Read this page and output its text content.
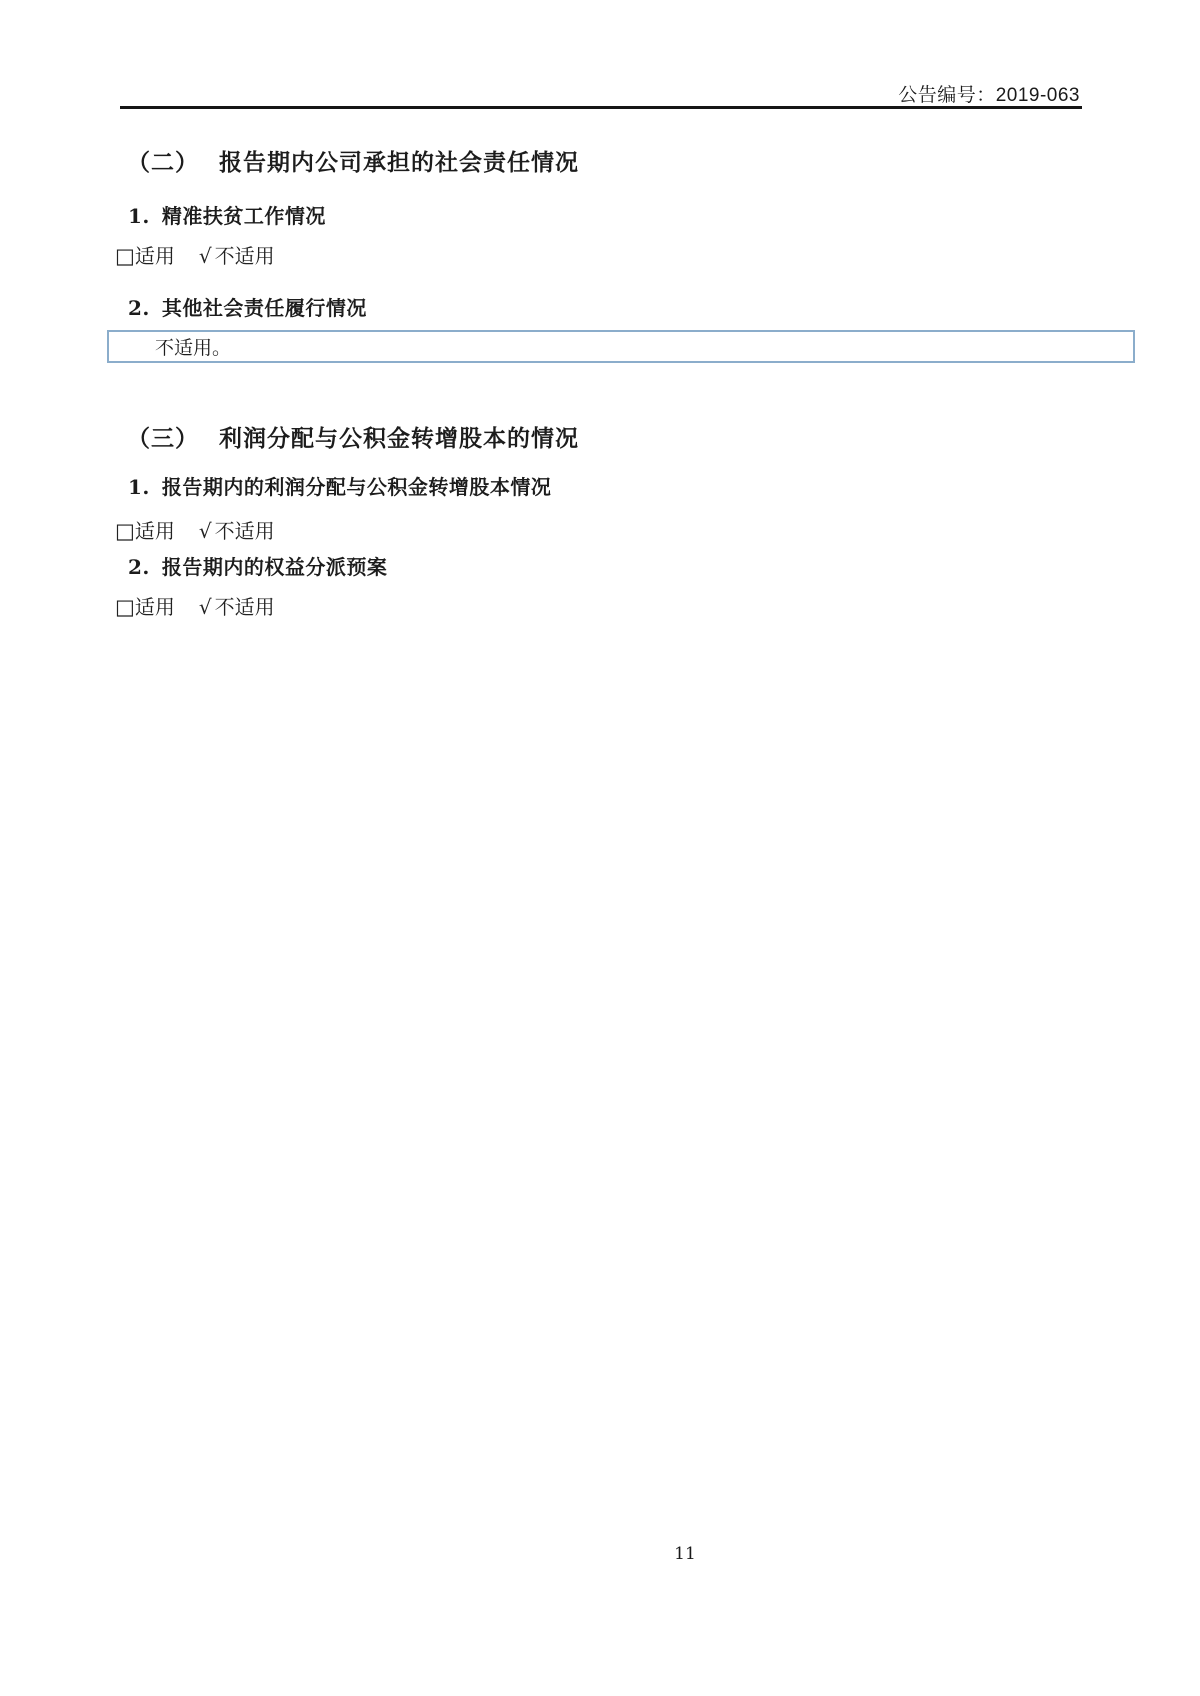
公告编号：2019-063
（二） 报告期内公司承担的社会责任情况
1. 精准扶贫工作情况
□适用 √ 不适用
2. 其他社会责任履行情况
不适用。
（三） 利润分配与公积金转增股本的情况
1. 报告期内的利润分配与公积金转增股本情况
□适用 √ 不适用
2. 报告期内的权益分派预案
□适用 √ 不适用
11
